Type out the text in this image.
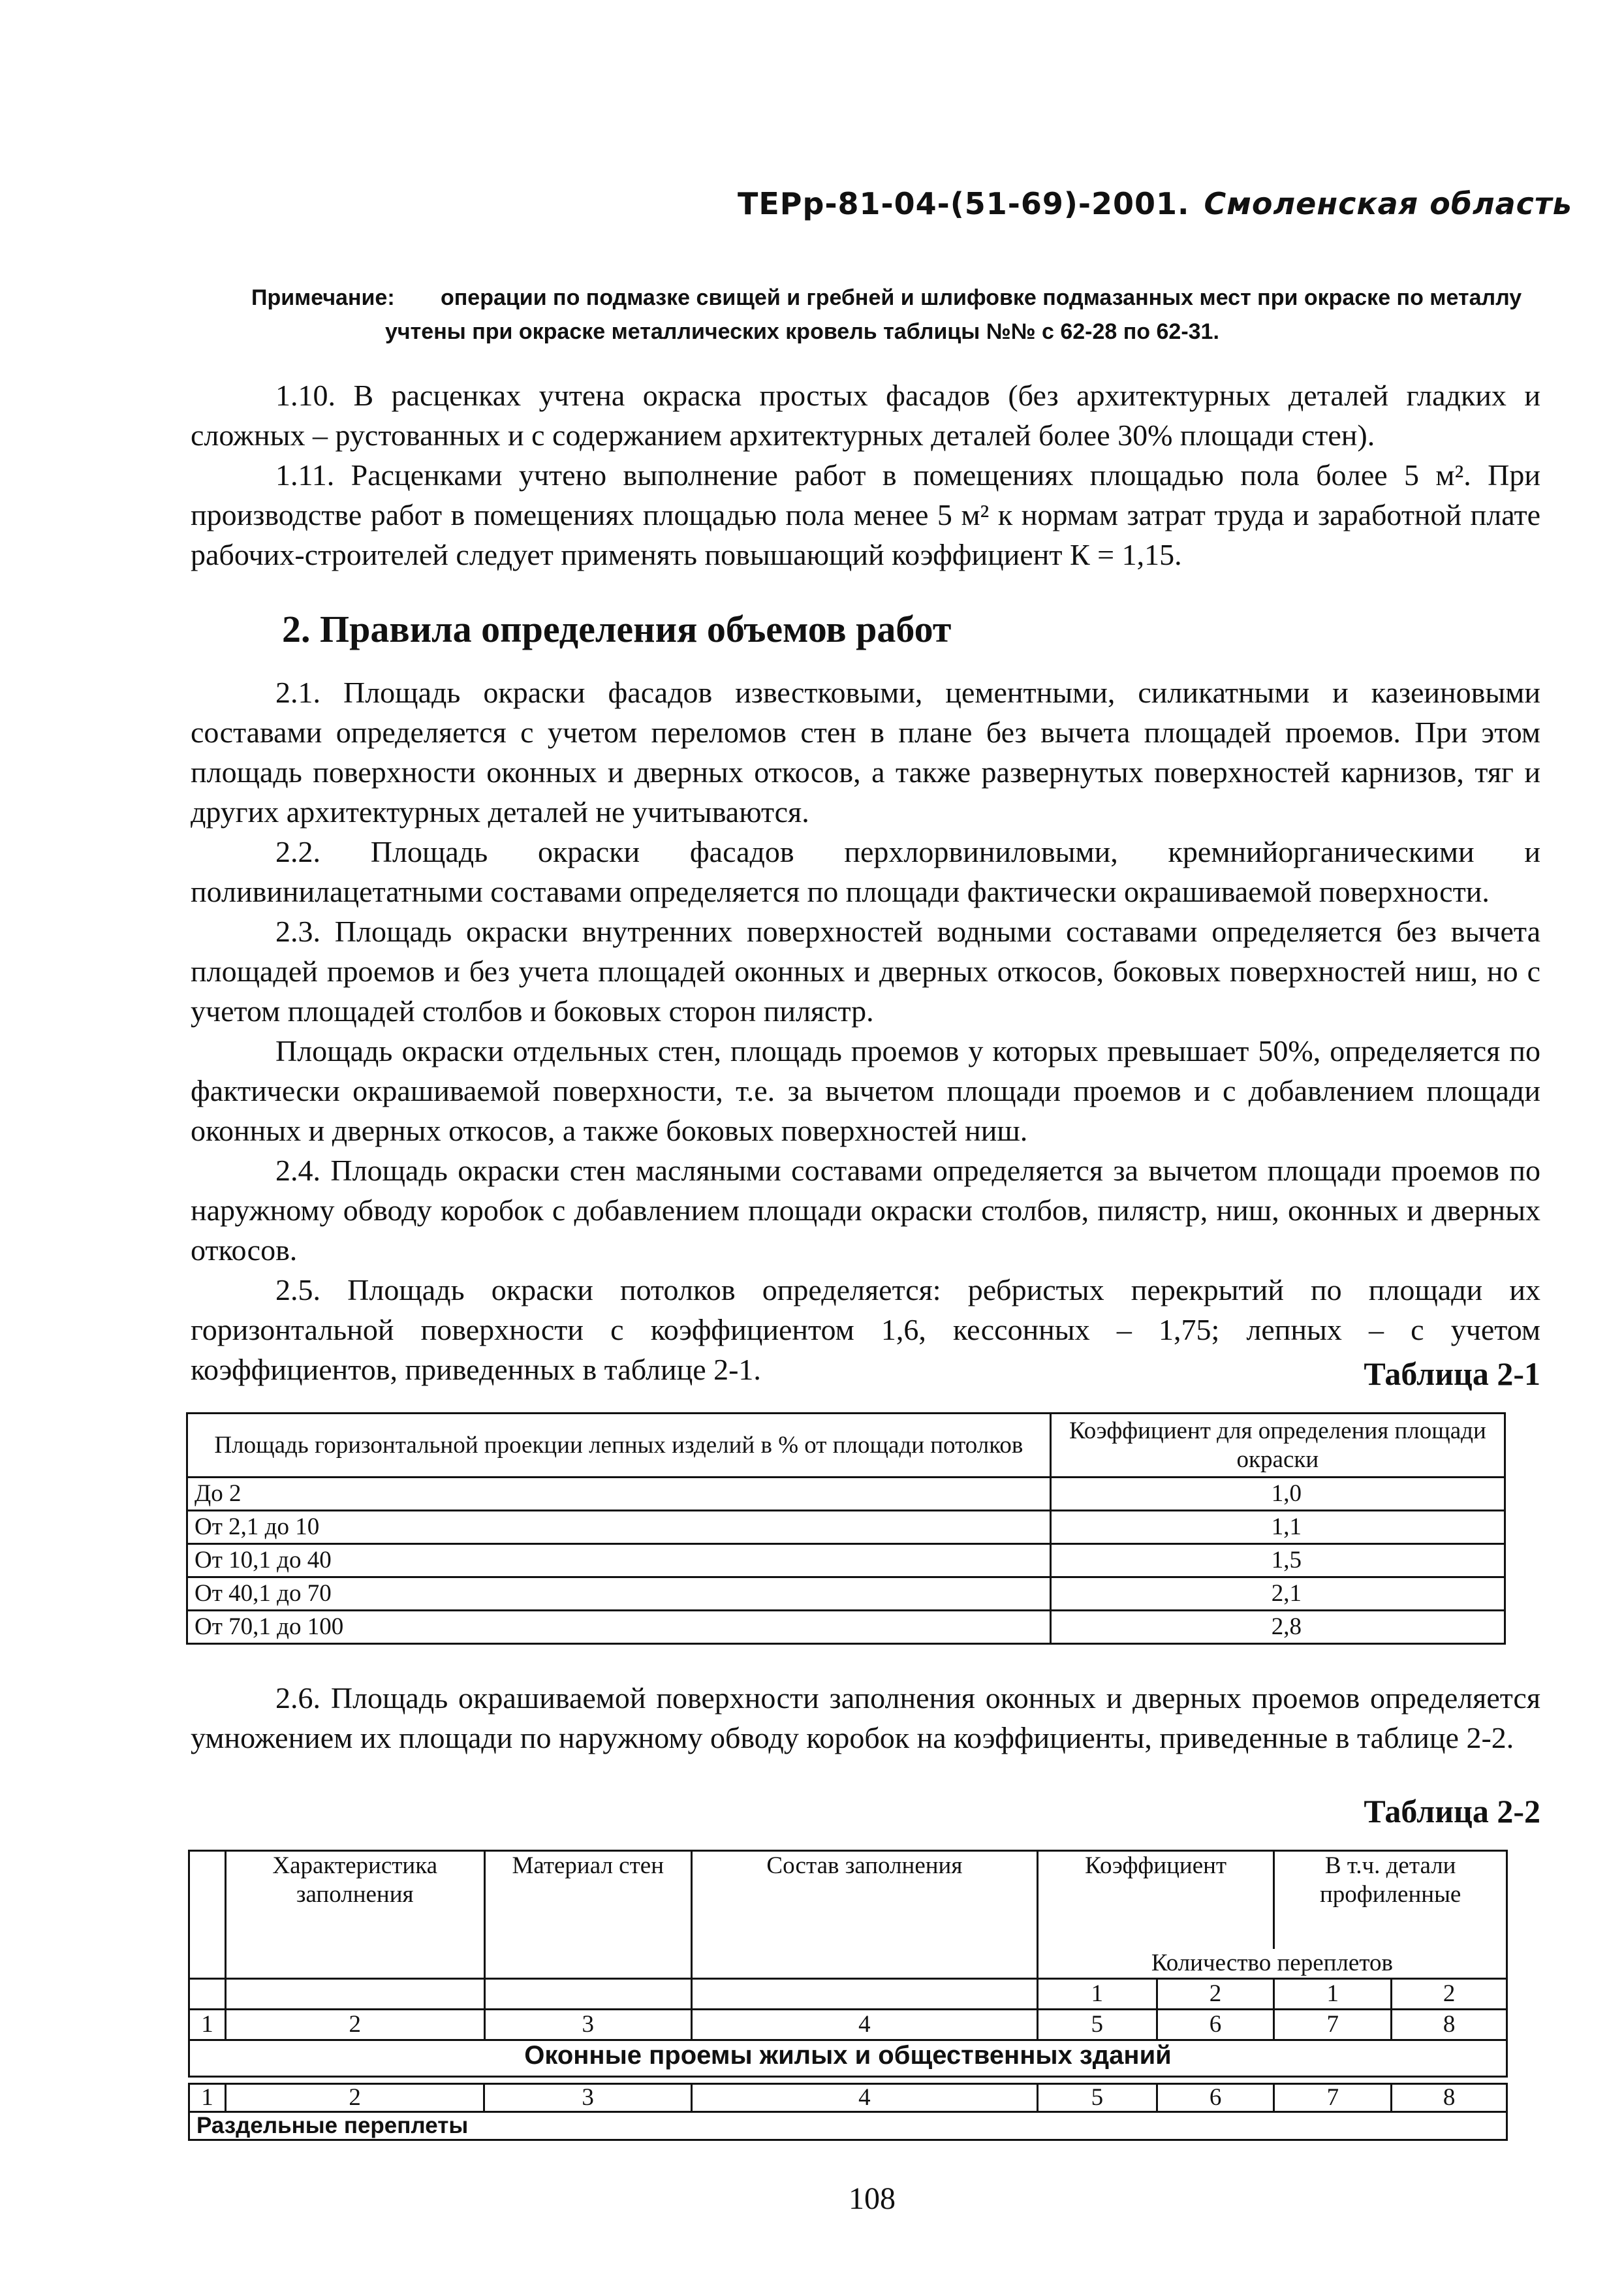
ТЕРр-81-04-(51-69)-2001. Смоленская область
Примечание: операции по подмазке свищей и гребней и шлифовке подмазанных мест при окраске по металлу
учтены при окраске металлических кровель таблицы №№ с 62-28 по 62-31.

1.10. В расценках учтена окраска простых фасадов (без архитектурных деталей гладких и сложных – рустованных и с содержанием архитектурных деталей более 30% площади стен).

1.11. Расценками учтено выполнение работ в помещениях площадью пола более 5 м². При производстве работ в помещениях площадью пола менее 5 м² к нормам затрат труда и заработной плате рабочих-строителей следует применять повышающий коэффициент К = 1,15.

2. Правила определения объемов работ

2.1. Площадь окраски фасадов известковыми, цементными, силикатными и казеиновыми составами определяется с учетом переломов стен в плане без вычета площадей проемов. При этом площадь поверхности оконных и дверных откосов, а также развернутых поверхностей карнизов, тяг и других архитектурных деталей не учитываются.

2.2. Площадь окраски фасадов перхлорвиниловыми, кремнийорганическими и поливинилацетатными составами определяется по площади фактически окрашиваемой поверхности.

2.3. Площадь окраски внутренних поверхностей водными составами определяется без вычета площадей проемов и без учета площадей оконных и дверных откосов, боковых поверхностей ниш, но с учетом площадей столбов и боковых сторон пилястр.

Площадь окраски отдельных стен, площадь проемов у которых превышает 50%, определяется по фактически окрашиваемой поверхности, т.е. за вычетом площади проемов и с добавлением площади оконных и дверных откосов, а также боковых поверхностей ниш.

2.4. Площадь окраски стен масляными составами определяется за вычетом площади проемов по наружному обводу коробок с добавлением площади окраски столбов, пилястр, ниш, оконных и дверных откосов.

2.5. Площадь окраски потолков определяется: ребристых перекрытий по площади их горизонтальной поверхности с коэффициентом 1,6, кессонных – 1,75; лепных – с учетом коэффициентов, приведенных в таблице 2-1.	Таблица 2-1
Площадь горизонтальной проекции лепных изделий в % от площади потолков	Коэффициент для определения площади окраски
До 2	1,0
От 2,1 до 10	1,1
От 10,1 до 40	1,5
От 40,1 до 70	2,1
От 70,1 до 100	2,8

2.6. Площадь окрашиваемой поверхности заполнения оконных и дверных проемов определяется умножением их площади по наружному обводу коробок на коэффициенты, приведенные в таблице 2-2.

Таблица 2-2
	Характеристика заполнения	Материал стен	Состав заполнения	Коэффициент		В т.ч. детали профиленные	
				Количество переплетов			
				1	2	1	2
1	2	3	4	5	6	7	8
Оконные проемы жилых и общественных зданий							
1	2	3	4	5	6	7	8
Раздельные переплеты
108
